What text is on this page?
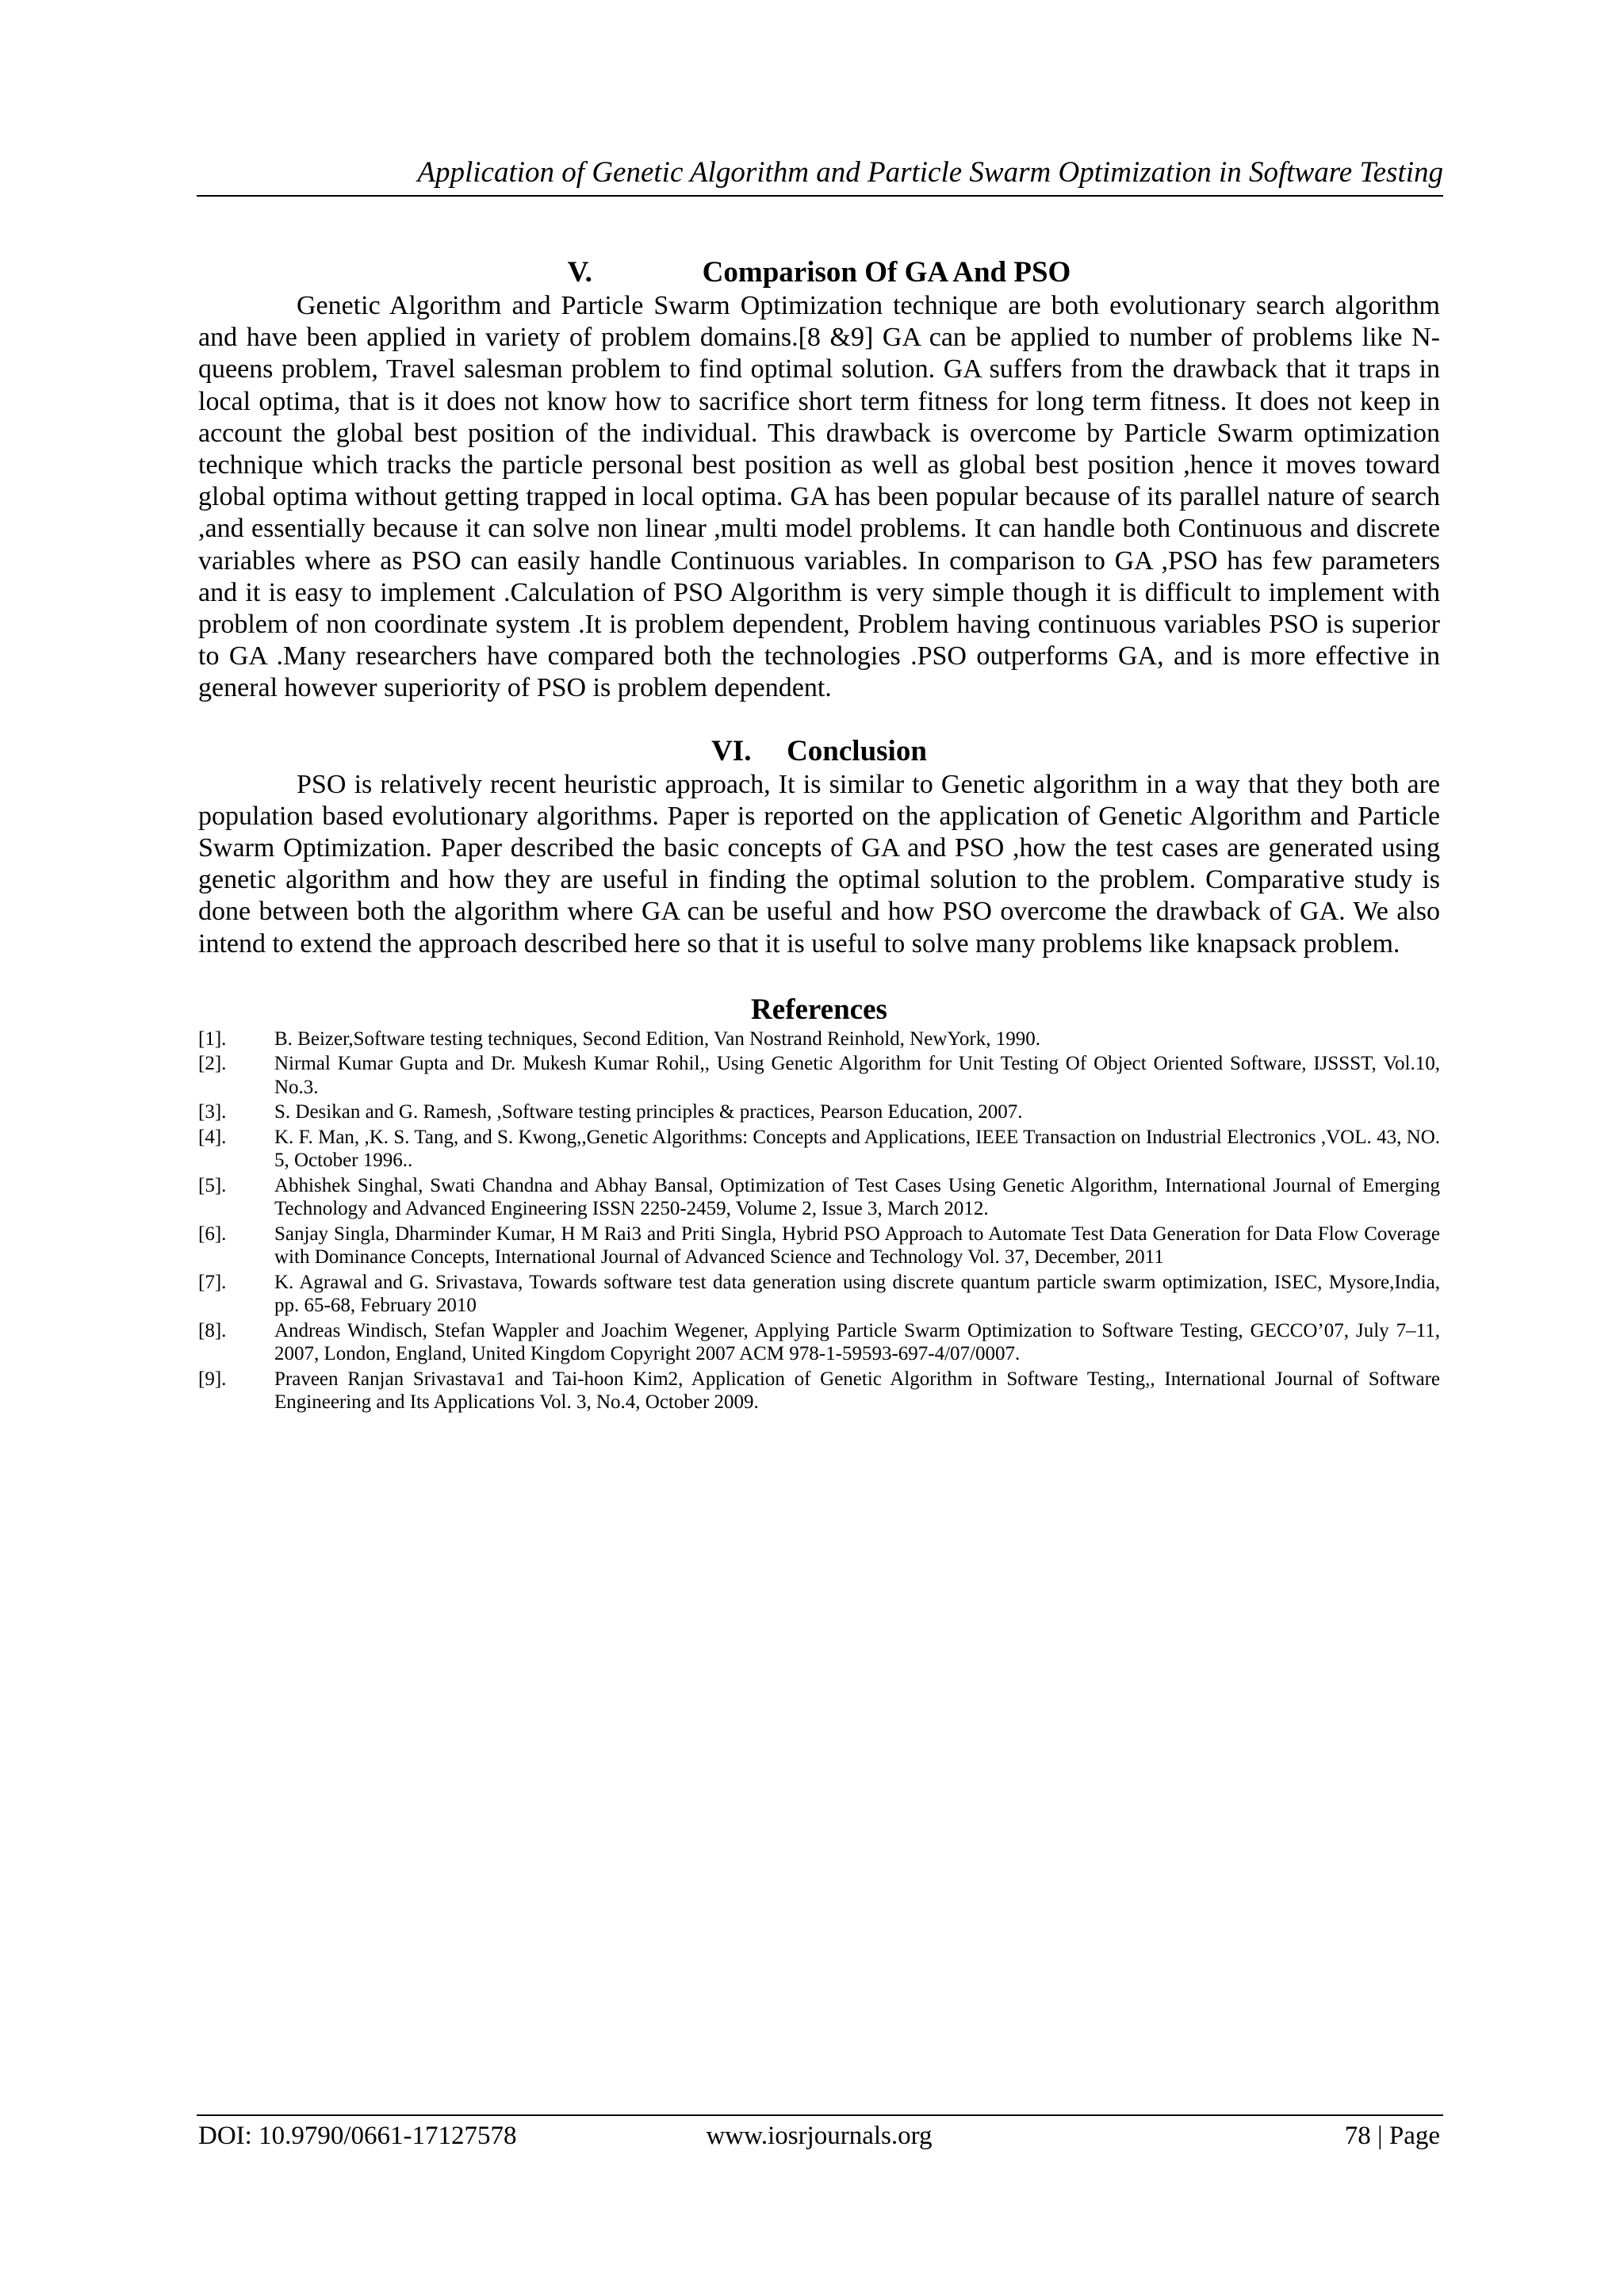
Application of Genetic Algorithm and Particle Swarm Optimization in Software Testing
V.	Comparison Of GA And PSO

Genetic Algorithm and Particle Swarm Optimization technique are both evolutionary search algorithm and have been applied in variety of problem domains.[8 &9] GA can be applied to number of problems like N-queens problem, Travel salesman problem to find optimal solution. GA suffers from the drawback that it traps in local optima, that is it does not know how to sacrifice short term fitness for long term fitness. It does not keep in account the global best position of the individual. This drawback is overcome by Particle Swarm optimization technique which tracks the particle personal best position as well as global best position ,hence it moves toward global optima without getting trapped in local optima. GA has been popular because of its parallel nature of search ,and essentially because it can solve non linear ,multi model problems. It can handle both Continuous and discrete variables where as PSO can easily handle Continuous variables. In comparison to GA ,PSO has few parameters and it is easy to implement .Calculation of PSO Algorithm is very simple though it is difficult to implement with problem of non coordinate system .It is problem dependent, Problem having continuous variables PSO is superior to GA .Many researchers have compared both the technologies .PSO outperforms GA, and is more effective in general however superiority of PSO is problem dependent.

VI.	Conclusion

PSO is relatively recent heuristic approach, It is similar to Genetic algorithm in a way that they both are population based evolutionary algorithms. Paper is reported on the application of Genetic Algorithm and Particle Swarm Optimization. Paper described the basic concepts of GA and PSO ,how the test cases are generated using genetic algorithm and how they are useful in finding the optimal solution to the problem. Comparative study is done between both the algorithm where GA can be useful and how PSO overcome the drawback of GA. We also intend to extend the approach described here so that it is useful to solve many problems like knapsack problem.

References
[1].	B. Beizer,Software testing techniques, Second Edition, Van Nostrand Reinhold, NewYork, 1990.
[2].	Nirmal Kumar Gupta and Dr. Mukesh Kumar Rohil,, Using Genetic Algorithm for Unit Testing Of Object Oriented Software, IJSSST, Vol.10, No.3.
[3].	S. Desikan and G. Ramesh, ,Software testing principles & practices, Pearson Education, 2007.
[4].	K. F. Man, ,K. S. Tang, and S. Kwong,,Genetic Algorithms: Concepts and Applications, IEEE Transaction on Industrial Electronics ,VOL. 43, NO. 5, October 1996..
[5].	Abhishek Singhal, Swati Chandna and Abhay Bansal, Optimization of Test Cases Using Genetic Algorithm, International Journal of Emerging Technology and Advanced Engineering ISSN 2250-2459, Volume 2, Issue 3, March 2012.
[6].	Sanjay Singla, Dharminder Kumar, H M Rai3 and Priti Singla, Hybrid PSO Approach to Automate Test Data Generation for Data Flow Coverage with Dominance Concepts, International Journal of Advanced Science and Technology Vol. 37, December, 2011
[7].	K. Agrawal and G. Srivastava, Towards software test data generation using discrete quantum particle swarm optimization, ISEC, Mysore,India, pp. 65-68, February 2010
[8].	Andreas Windisch, Stefan Wappler and Joachim Wegener, Applying Particle Swarm Optimization to Software Testing, GECCO’07, July 7–11, 2007, London, England, United Kingdom Copyright 2007 ACM 978-1-59593-697-4/07/0007.
[9].	Praveen Ranjan Srivastava1 and Tai-hoon Kim2, Application of Genetic Algorithm in Software Testing,, International Journal of Software Engineering and Its Applications Vol. 3, No.4, October 2009.
DOI: 10.9790/0661-17127578	www.iosrjournals.org	78 | Page
